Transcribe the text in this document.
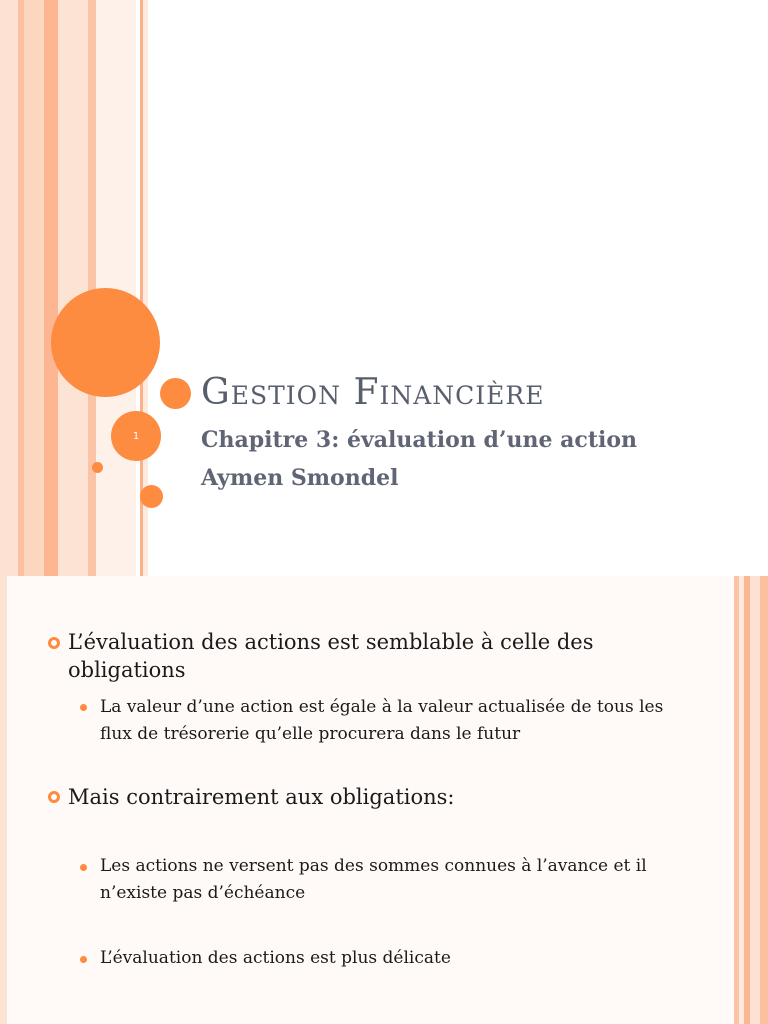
1
Gestion Financière
Chapitre 3: évaluation d’une action
Aymen Smondel
L’évaluation des actions est semblable à celle des obligations
La valeur d’une action est égale à la valeur actualisée de tous les flux de trésorerie qu’elle procurera dans le futur
Mais contrairement aux obligations:
Les actions ne versent pas des sommes connues à l’avance et il n’existe pas d’échéance
L’évaluation des actions est plus délicate
